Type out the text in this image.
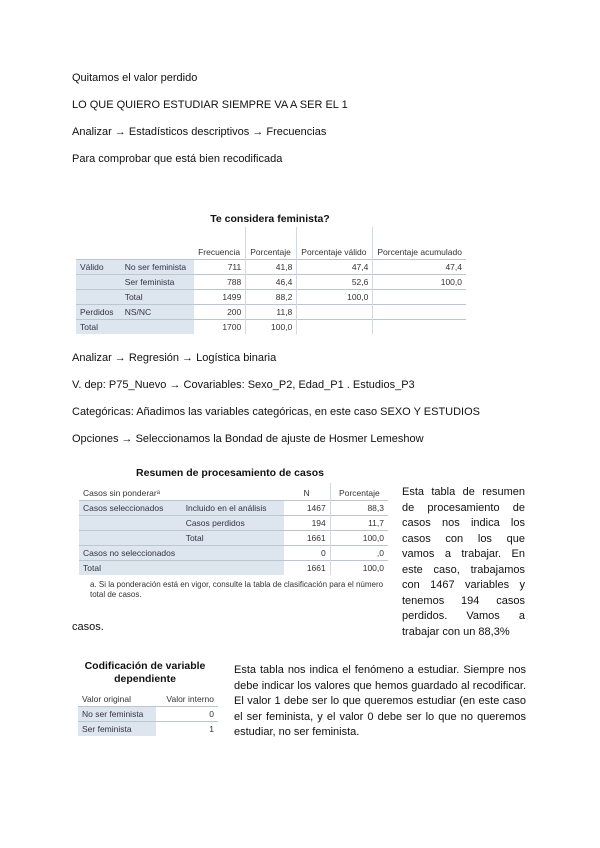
Quitamos el valor perdido
LO QUE QUIERO ESTUDIAR SIEMPRE VA A SER EL 1
Analizar → Estadísticos descriptivos → Frecuencias
Para comprobar que está bien recodificada
Te considera feminista?
		Frecuencia	Porcentaje	Porcentaje válido	Porcentaje acumulado
Válido	No ser feminista	711	41,8	47,4	47,4
	Ser feminista	788	46,4	52,6	100,0
	Total	1499	88,2	100,0	
Perdidos	NS/NC	200	11,8		
Total		1700	100,0		
Analizar → Regresión → Logística binaria
V. dep: P75_Nuevo → Covariables: Sexo_P2, Edad_P1 . Estudios_P3
Categóricas: Añadimos las variables categóricas, en este caso SEXO Y ESTUDIOS
Opciones → Seleccionamos la Bondad de ajuste de Hosmer Lemeshow
Resumen de procesamiento de casos
Casos sin ponderarᵃ		N	Porcentaje
Casos seleccionados	Incluido en el análisis	1467	88,3
	Casos perdidos	194	11,7
	Total	1661	100,0
Casos no seleccionados		0	,0
Total		1661	100,0
a. Si la ponderación está en vigor, consulte la tabla de clasificación para el número total de casos.
Esta tabla de resumen de procesamiento de casos nos indica los casos con los que vamos a trabajar. En este caso, trabajamos con 1467 variables y tenemos 194 casos perdidos. Vamos a trabajar con un 88,3%
casos.
Codificación de variable dependiente
Valor original	Valor interno
No ser feminista	0
Ser feminista	1
Esta tabla nos indica el fenómeno a estudiar. Siempre nos debe indicar los valores que hemos guardado al recodificar. El valor 1 debe ser lo que queremos estudiar (en este caso el ser feminista, y el valor 0 debe ser lo que no queremos estudiar, no ser feminista.
